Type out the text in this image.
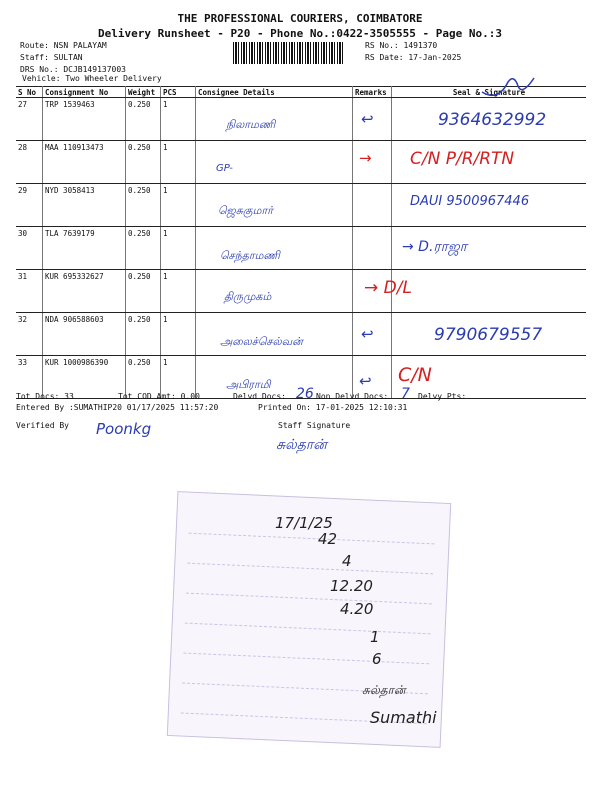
THE PROFESSIONAL COURIERS, COIMBATORE
Delivery Runsheet - P20 - Phone No.:0422-3505555 - Page No.:3
Route: NSN PALAYAM
Staff: SULTAN
DRS No.: DCJB149137003
Vehicle: Two Wheeler Delivery
RS No.: 1491370
RS Date: 17-Jan-2025
S No	Consignment No	Weight	PCS	Consignee Details	Remarks	Seal & Signature
27	TRP 1539463	0.250	1	நிலாமணி	↩	9364632992

28	MAA 110913473	0.250	1	GP-	→	C/N P/R/RTN

29	NYD 3058413	0.250	1	ஜெசுகுமார்		DAUI 9500967446

30	TLA 7639179	0.250	1	செந்தாமணி		→ D.ராஜா

31	KUR 695332627	0.250	1	திருமுகம்		→ D/L

32	NDA 906588603	0.250	1	அலைச்செல்வன்	↩	9790679557

33	KUR 1000986390	0.250	1	அபிராமி	↩	C/N
Tot Docs: 33	Tot COD Amt: 0.00	Delvd Docs: 26 Non Delvd Docs: 7 Delvy Pts:
Entered By :SUMATHIP20 01/17/2025 11:57:20	Printed On: 17-01-2025 12:10:31
Verified By Poonkg	Staff Signature
சுல்தான்
17/1/25
42
4
12.20
4.20
1
6
சுல்தான்
Sumathi
